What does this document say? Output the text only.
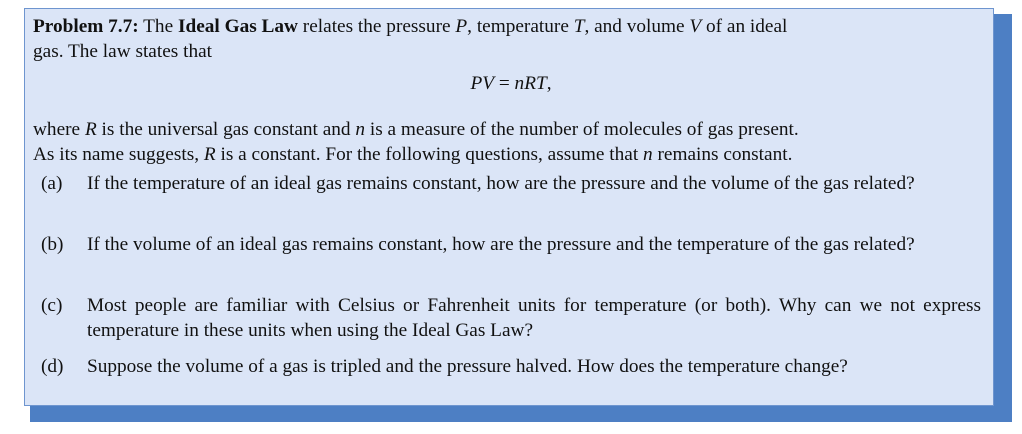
Problem 7.7: The Ideal Gas Law relates the pressure P, temperature T, and volume V of an ideal
gas. The law states that
PV = nRT,
where R is the universal gas constant and n is a measure of the number of molecules of gas present.
As its name suggests, R is a constant. For the following questions, assume that n remains constant.
(a) If the temperature of an ideal gas remains constant, how are the pressure and the volume of the gas related?
(b) If the volume of an ideal gas remains constant, how are the pressure and the temperature of the gas related?
(c) Most people are familiar with Celsius or Fahrenheit units for temperature (or both). Why can we not express temperature in these units when using the Ideal Gas Law?
(d) Suppose the volume of a gas is tripled and the pressure halved. How does the temperature change?
